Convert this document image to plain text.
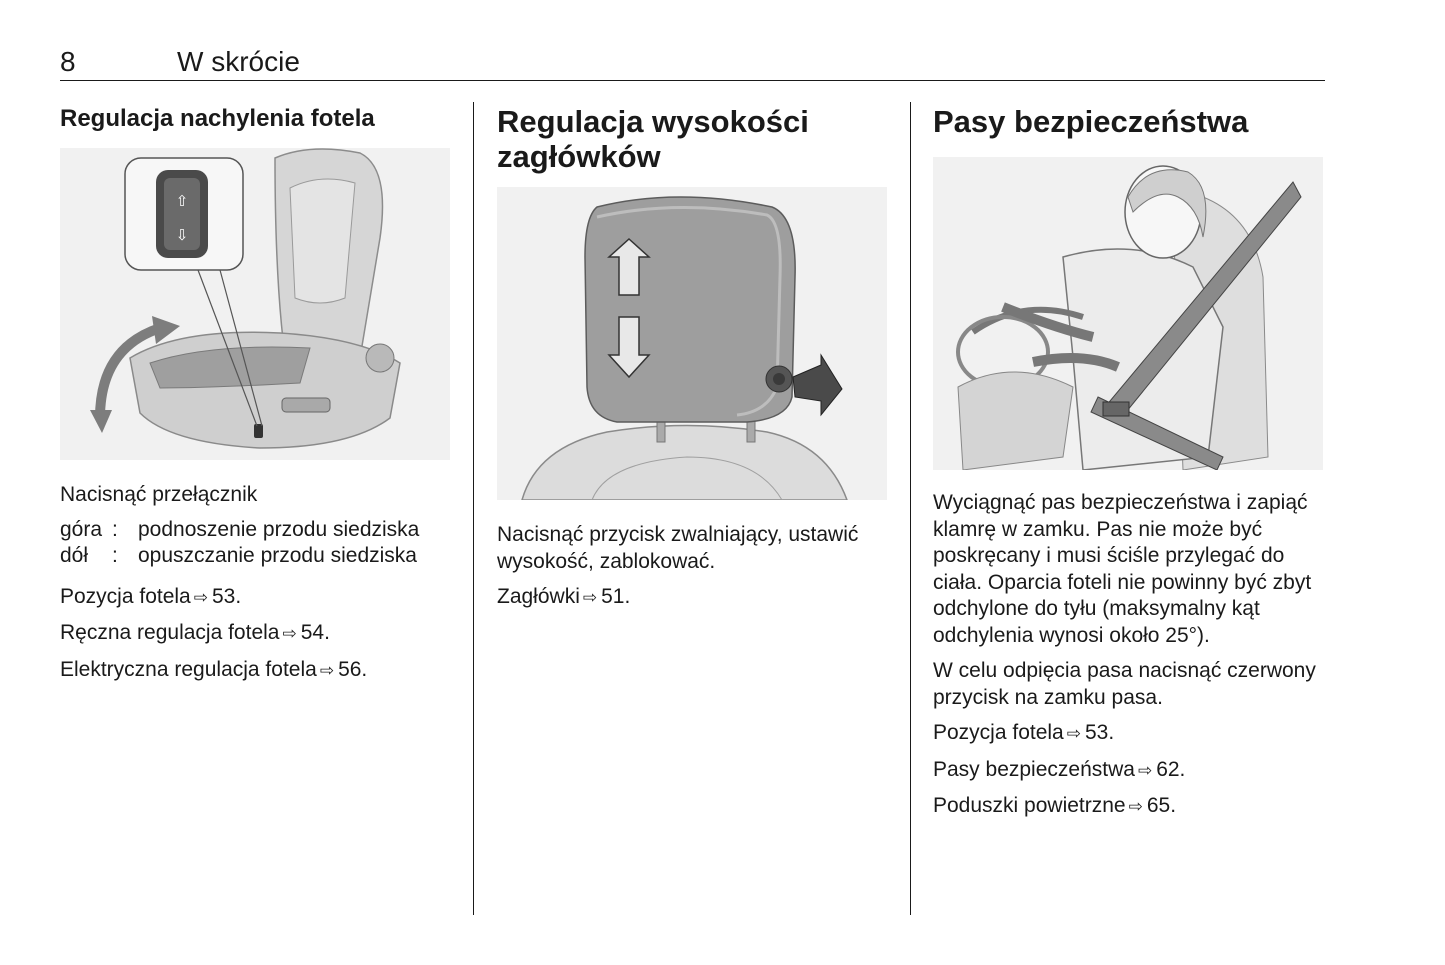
8	W skrócie
Regulacja nachylenia fotela
⇧
⇩

Nacisnąć przełącznik

góra	:	podnoszenie przodu siedziska
dół	:	opuszczanie przodu siedziska

Pozycja fotela ⇨ 53.

Ręczna regulacja fotela ⇨ 54.

Elektryczna regulacja fotela ⇨ 56.

Regulacja wysokości zagłówków

Nacisnąć przycisk zwalniający, ustawić wysokość, zablokować.

Zagłówki ⇨ 51.

Pasy bezpieczeństwa

Wyciągnąć pas bezpieczeństwa i zapiąć klamrę w zamku. Pas nie może być poskręcany i musi ściśle przylegać do ciała. Oparcia foteli nie powinny być zbyt odchylone do tyłu (maksymalny kąt odchylenia wynosi około 25°).

W celu odpięcia pasa nacisnąć czerwony przycisk na zamku pasa.

Pozycja fotela ⇨ 53.

Pasy bezpieczeństwa ⇨ 62.

Poduszki powietrzne ⇨ 65.
